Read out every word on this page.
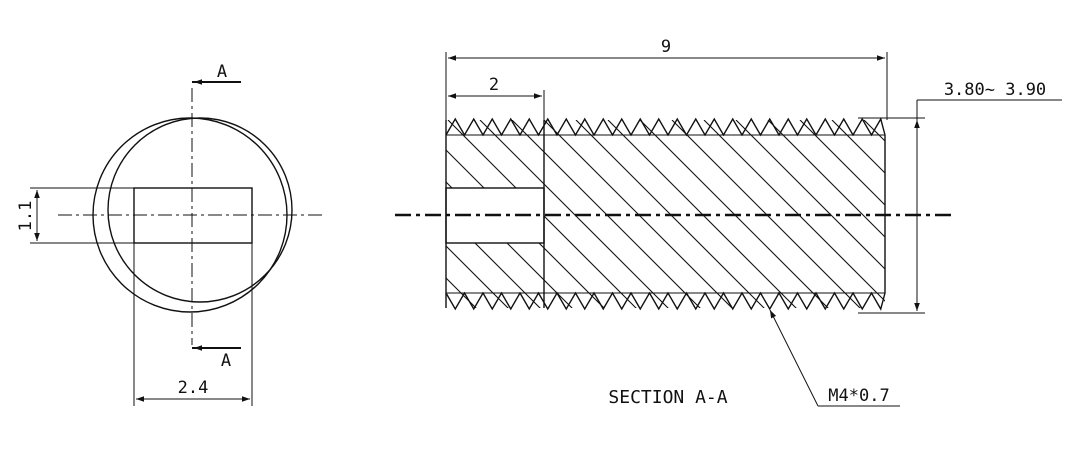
A
A
1.1
2.4
9
2	3.80~ 3.90
M4*0.7
SECTION A-A
